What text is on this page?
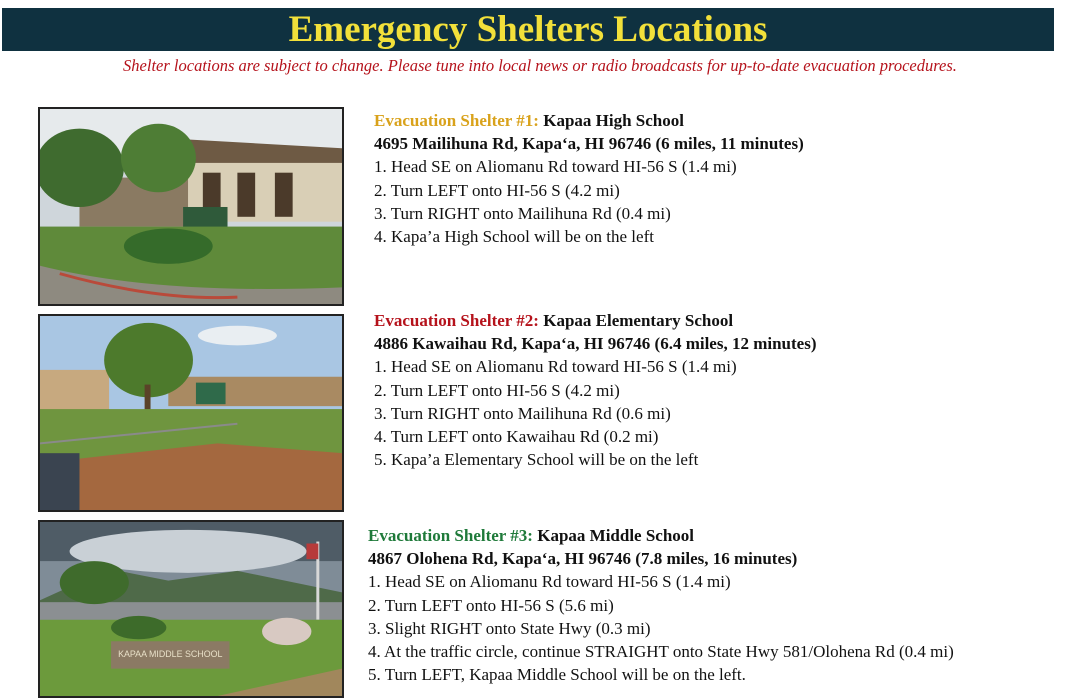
Emergency Shelters Locations
Shelter locations are subject to change. Please tune into local news or radio broadcasts for up-to-date evacuation procedures.
Evacuation Shelter #1: Kapaa High School
4695 Mailihuna Rd, Kapa‘a, HI 96746 (6 miles, 11 minutes)
1. Head SE on Aliomanu Rd toward HI-56 S (1.4 mi)
2. Turn LEFT onto HI-56 S (4.2 mi)
3. Turn RIGHT onto Mailihuna Rd (0.4 mi)
4. Kapa’a High School will be on the left
Evacuation Shelter #2: Kapaa Elementary School
4886 Kawaihau Rd, Kapa‘a, HI 96746 (6.4 miles, 12 minutes)
1. Head SE on Aliomanu Rd toward HI-56 S (1.4 mi)
2. Turn LEFT onto HI-56 S (4.2 mi)
3. Turn RIGHT onto Mailihuna Rd (0.6 mi)
4. Turn LEFT onto Kawaihau Rd (0.2 mi)
5. Kapa’a Elementary School will be on the left
KAPAA MIDDLE SCHOOL
Evacuation Shelter #3: Kapaa Middle School
4867 Olohena Rd, Kapa‘a, HI 96746 (7.8 miles, 16 minutes)
1. Head SE on Aliomanu Rd toward HI-56 S (1.4 mi)
2. Turn LEFT onto HI-56 S (5.6 mi)
3. Slight RIGHT onto State Hwy (0.3 mi)
4. At the traffic circle, continue STRAIGHT onto State Hwy 581/Olohena Rd (0.4 mi)
5. Turn LEFT, Kapaa Middle School will be on the left.
